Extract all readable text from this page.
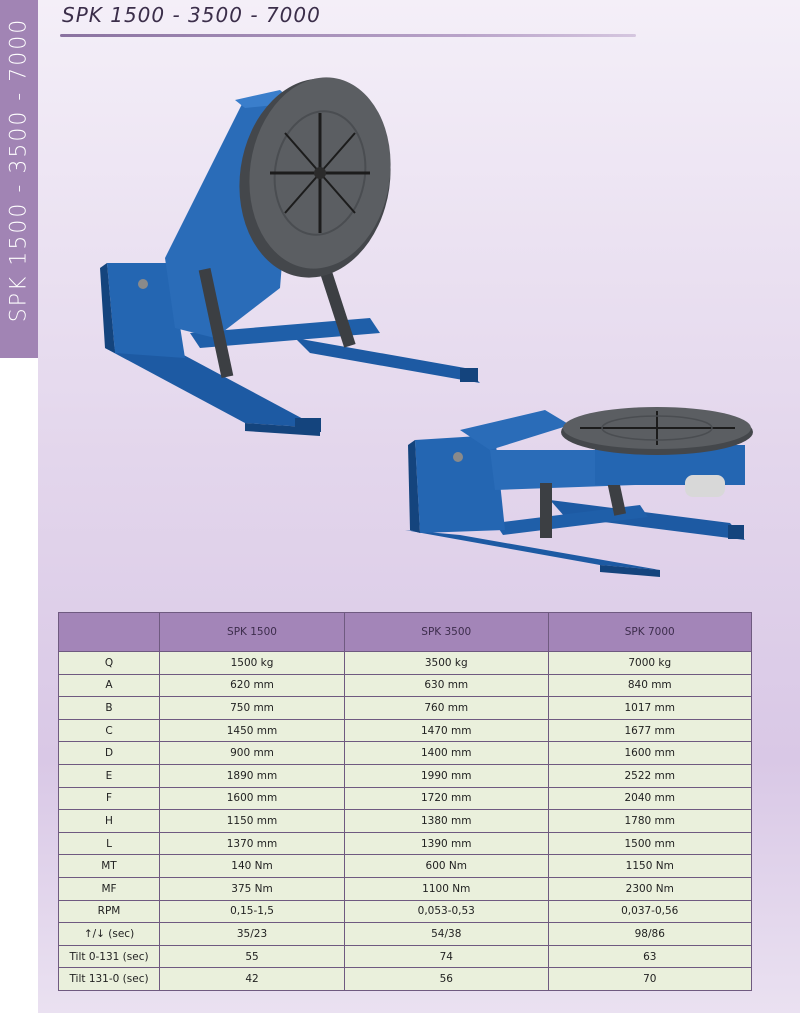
SPK 1500 - 3500 - 7000
SPK 1500 - 3500 - 7000
	SPK 1500	SPK 3500	SPK 7000
Q	1500 kg	3500 kg	7000 kg
A	620 mm	630 mm	840 mm
B	750 mm	760 mm	1017 mm
C	1450 mm	1470 mm	1677 mm
D	900 mm	1400 mm	1600 mm
E	1890 mm	1990 mm	2522 mm
F	1600 mm	1720 mm	2040 mm
H	1150 mm	1380 mm	1780 mm
L	1370 mm	1390 mm	1500 mm
MT	140 Nm	600 Nm	1150 Nm
MF	375 Nm	1100 Nm	2300 Nm
RPM	0,15-1,5	0,053-0,53	0,037-0,56
↑/↓ (sec)	35/23	54/38	98/86
Tilt 0-131 (sec)	55	74	63
Tilt 131-0 (sec)	42	56	70
